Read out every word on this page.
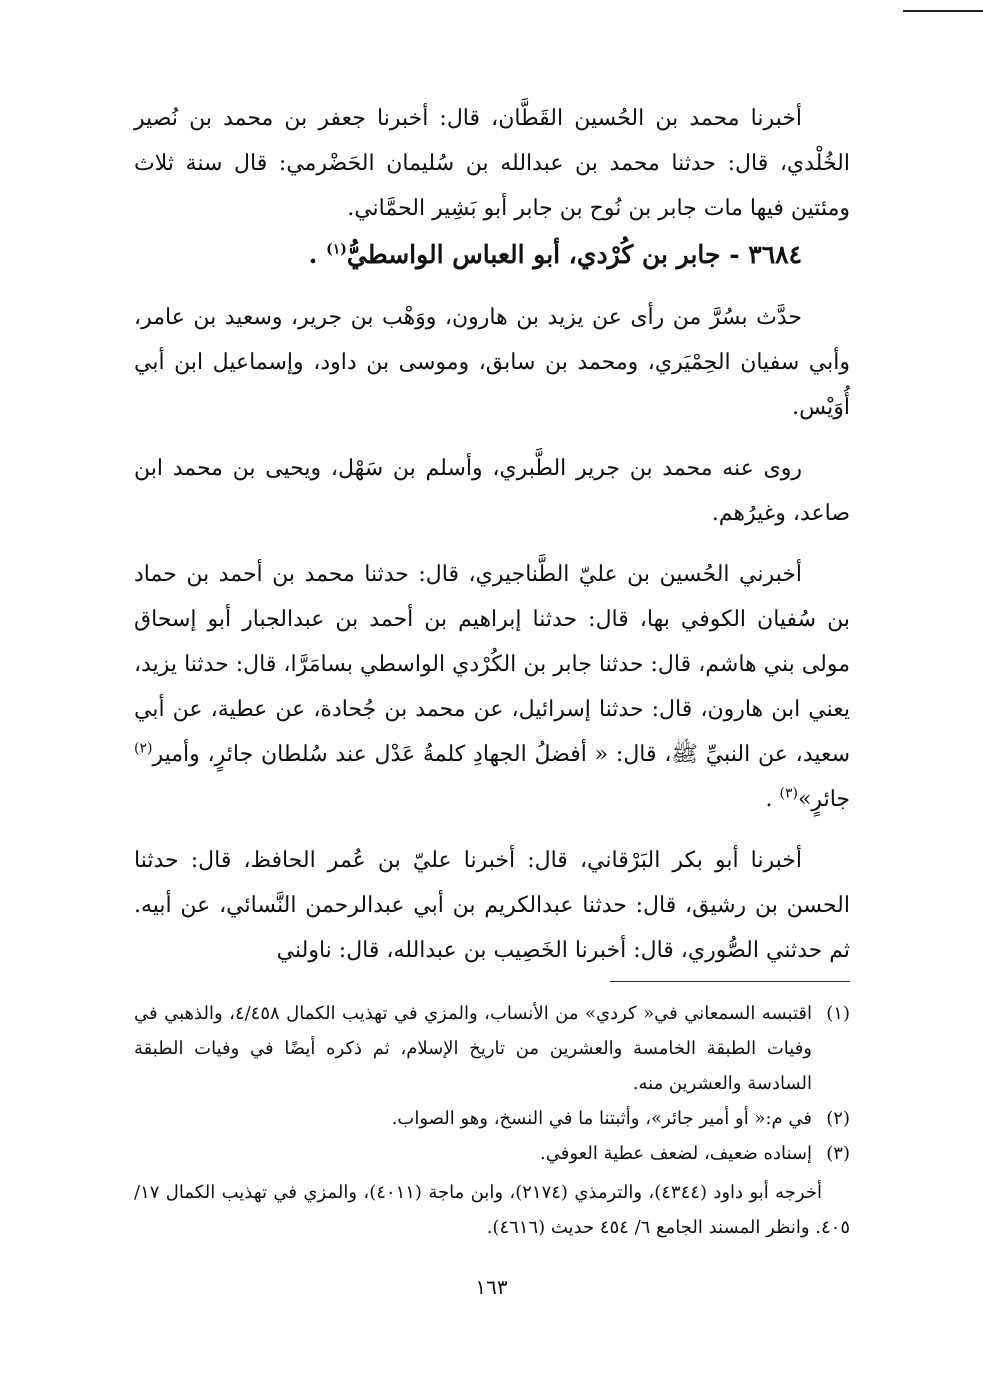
أخبرنا محمد بن الحُسين القَطَّان، قال: أخبرنا جعفر بن محمد بن نُصير الخُلْدي، قال: حدثنا محمد بن عبدالله بن سُليمان الحَضْرمي: قال سنة ثلاث ومئتين فيها مات جابر بن نُوح بن جابر أبو بَشِير الحمَّاني.

٣٦٨٤ - جابر بن كُرْدي، أبو العباس الواسطيُّ$^{(١)}$ .

حدَّث بسُرَّ من رأى عن يزيد بن هارون، ووَهْب بن جرير، وسعيد بن عامر، وأبي سفيان الحِمْيَري، ومحمد بن سابق، وموسى بن داود، وإسماعيل ابن أبي أُوَيْس.

روى عنه محمد بن جرير الطَّبري، وأسلم بن سَهْل، ويحيى بن محمد ابن صاعد، وغيرُهم.

أخبرني الحُسين بن عليّ الطَّناجيري، قال: حدثنا محمد بن أحمد بن حماد بن سُفيان الكوفي بها، قال: حدثنا إبراهيم بن أحمد بن عبدالجبار أبو إسحاق مولى بني هاشم، قال: حدثنا جابر بن الكُرْدي الواسطي بسامَرَّا، قال: حدثنا يزيد، يعني ابن هارون، قال: حدثنا إسرائيل، عن محمد بن جُحادة، عن عطية، عن أبي سعيد، عن النبيِّ ﷺ، قال: « أفضلُ الجهادِ كلمةُ عَدْل عند سُلطان جائرٍ، وأمير$^{(٢)}$ جائرٍ»$^{(٣)}$ .

أخبرنا أبو بكر البَرْقاني، قال: أخبرنا عليّ بن عُمر الحافظ، قال: حدثنا الحسن بن رشيق، قال: حدثنا عبدالكريم بن أبي عبدالرحمن النَّسائي، عن أبيه. ثم حدثني الصُّوري، قال: أخبرنا الخَصِيب بن عبدالله، قال: ناولني

(١)
اقتبسه السمعاني في« كردي» من الأنساب، والمزي في تهذيب الكمال ٤/٤٥٨، والذهبي في وفيات الطبقة الخامسة والعشرين من تاريخ الإسلام، ثم ذكره أيضًا في وفيات الطبقة السادسة والعشرين منه.
(٢)
في م:« أو أمير جائر»، وأثبتنا ما في النسخ، وهو الصواب.
(٣)
إسناده ضعيف، لضعف عطية العوفي.

أخرجه أبو داود (٤٣٤٤)، والترمذي (٢١٧٤)، وابن ماجة (٤٠١١)، والمزي في تهذيب الكمال ١٧/ ٤٠٥. وانظر المسند الجامع ٦/ ٤٥٤ حديث (٤٦١٦).

١٦٣
